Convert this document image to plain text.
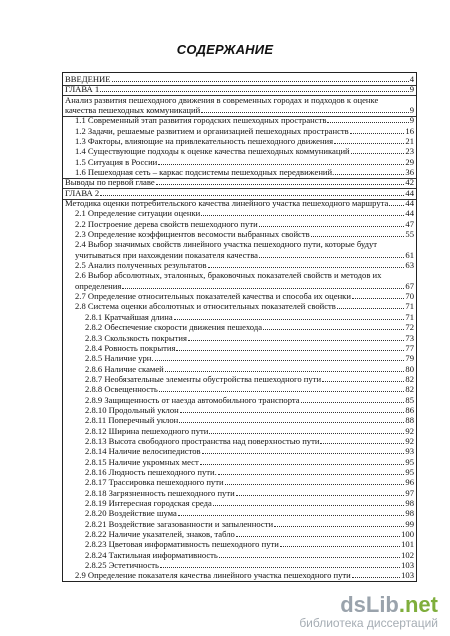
СОДЕРЖАНИЕ
ВВЕДЕНИЕ	4
ГЛАВА 1	9
Анализ развития пешеходного движения в современных городах и подходов к оценке
качества пешеходных коммуникаций	9
1.1 Современный этап развития городских пешеходных пространств	9
1.2 Задачи, решаемые развитием и организацией пешеходных пространств	16
1.3 Факторы, влияющие на привлекательность пешеходного движения	21
1.4 Существующие подходы к оценке качества пешеходных коммуникаций	23
1.5 Ситуация в России	29
1.6 Пешеходная сеть – каркас подсистемы пешеходных передвижений.	36
Выводы по первой главе	42
ГЛАВА 2	44
Методика оценки потребительского качества линейного участка пешеходного маршрута 44
2.1 Определение ситуации оценки	44
2.2 Построение дерева свойств пешеходного пути	47
2.3 Определение коэффициентов весомости выбранных свойств	55
2.4 Выбор значимых свойств линейного участка пешеходного пути, которые будут
учитываться при нахождении показателя качества	61
2.5 Анализ полученных результатов	63
2.6 Выбор абсолютных, эталонных, браковочных показателей свойств и методов их
определения	67
2.7 Определение относительных показателей качества и способа их оценки	70
2.8 Система оценки абсолютных и относительных показателей свойств	71
2.8.1 Кратчайшая длина	71
2.8.2 Обеспечение скорости движения пешехода	72
2.8.3 Скользкость покрытия	73
2.8.4 Ровность покрытия	77
2.8.5 Наличие урн.	79
2.8.6 Наличие скамей	80
2.8.7 Необязательные элементы обустройства пешеходного пути	82
2.8.8 Освещенность	82
2.8.9 Защищенность от наезда автомобильного транспорта	85
2.8.10 Продольный уклон	86
2.8.11 Поперечный уклон	88
2.8.12 Ширина пешеходного пути	92
2.8.13 Высота свободного пространства над поверхностью пути	92
2.8.14 Наличие велосипедистов	93
2.8.15 Наличие укромных мест	95
2.8.16 Людность пешеходного пути.	95
2.8.17 Трассировка пешеходного пути	96
2.8.18 Загрязненность пешеходного пути	97
2.8.19 Интересная городская среда	98
2.8.20 Воздействие шума	98
2.8.21 Воздействие загазованности и запыленности	99
2.8.22 Наличие указателей, знаков, табло	100
2.8.23 Цветовая информативность пешеходного пути	101
2.8.24 Тактильная информативность	102
2.8.25 Эстетичность	103
2.9 Определение показателя качества линейного участка пешеходного пути	103
dsLib.net
библиотека диссертаций
